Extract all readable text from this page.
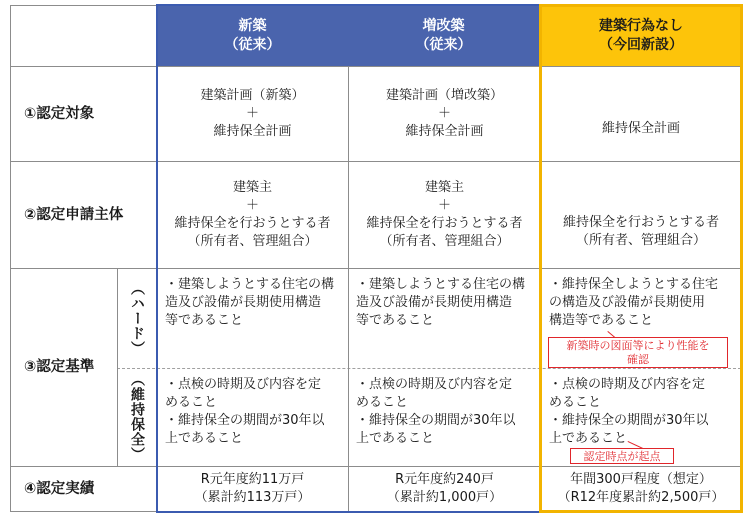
新築
（従来）
増改築
（従来）
建築行為なし
（今回新設）
①認定対象
建築計画（新築）
＋
維持保全計画
建築計画（増改築）
＋
維持保全計画	維持保全計画
②認定申請主体
建築主
＋
維持保全を行おうとする者
（所有者、管理組合）
建築主
＋
維持保全を行おうとする者
（所有者、管理組合）
維持保全を行おうとする者
（所有者、管理組合）
③認定基準
（ハード）
（維持保全）
・建築しようとする住宅の構
造及び設備が長期使用構造
等であること
・建築しようとする住宅の構
造及び設備が長期使用構造
等であること
・維持保全しようとする住宅
の構造及び設備が長期使用
構造等であること
・点検の時期及び内容を定
めること
・維持保全の期間が30年以
上であること
・点検の時期及び内容を定
めること
・維持保全の期間が30年以
上であること
・点検の時期及び内容を定
めること
・維持保全の期間が30年以
上であること
④認定実績
R元年度約11万戸
（累計約113万戸）
R元年度約240戸
（累計約1,000戸）
年間300戸程度（想定）
（R12年度累計約2,500戸）
新築時の図面等により性能を
確認
認定時点が起点
